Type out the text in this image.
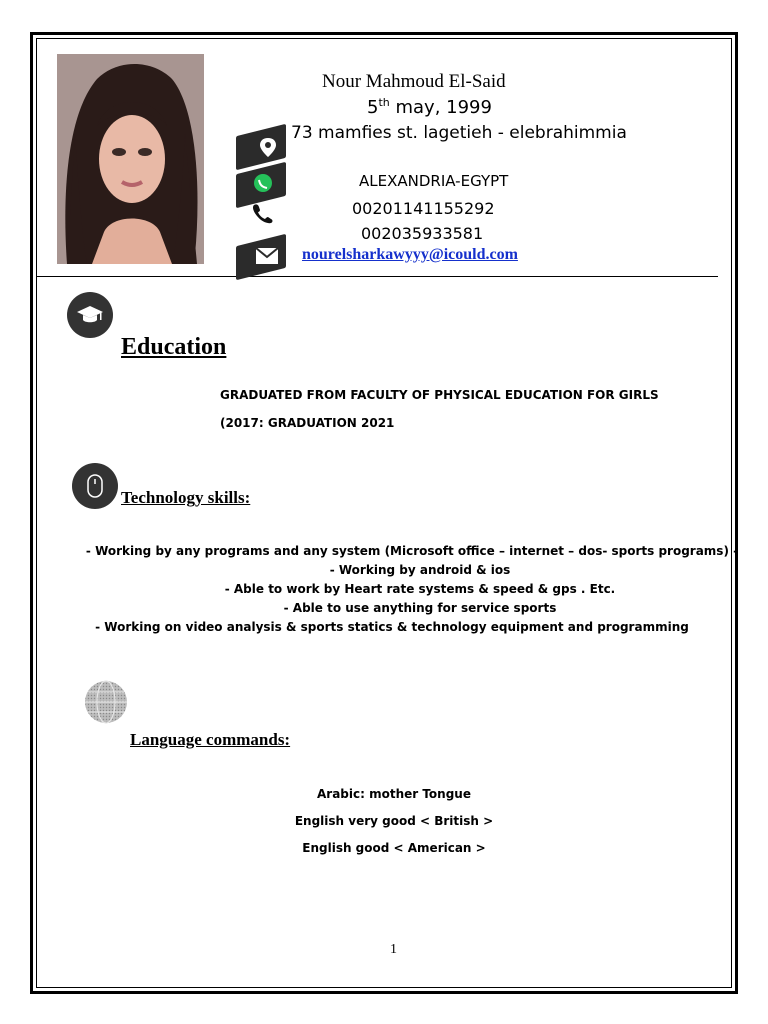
Nour Mahmoud El-Said
5th may, 1999
73 mamfies st. lagetieh - elebrahimmia
ALEXANDRIA-EGYPT
00201141155292
002035933581
nourelsharkawyyy@icould.com
Education
GRADUATED FROM FACULTY OF PHYSICAL EDUCATION FOR GIRLS
(2017: GRADUATION 2021
Technology skills:
- Working by any programs and any system (Microsoft office – internet – dos- sports programs) -
- Working by android & ios
- Able to work by Heart rate systems & speed & gps . Etc.
- Able to use anything for service sports
- Working on video analysis & sports statics & technology equipment and programming
Language commands:
Arabic: mother Tongue
English very good < British >
English good < American >
1
